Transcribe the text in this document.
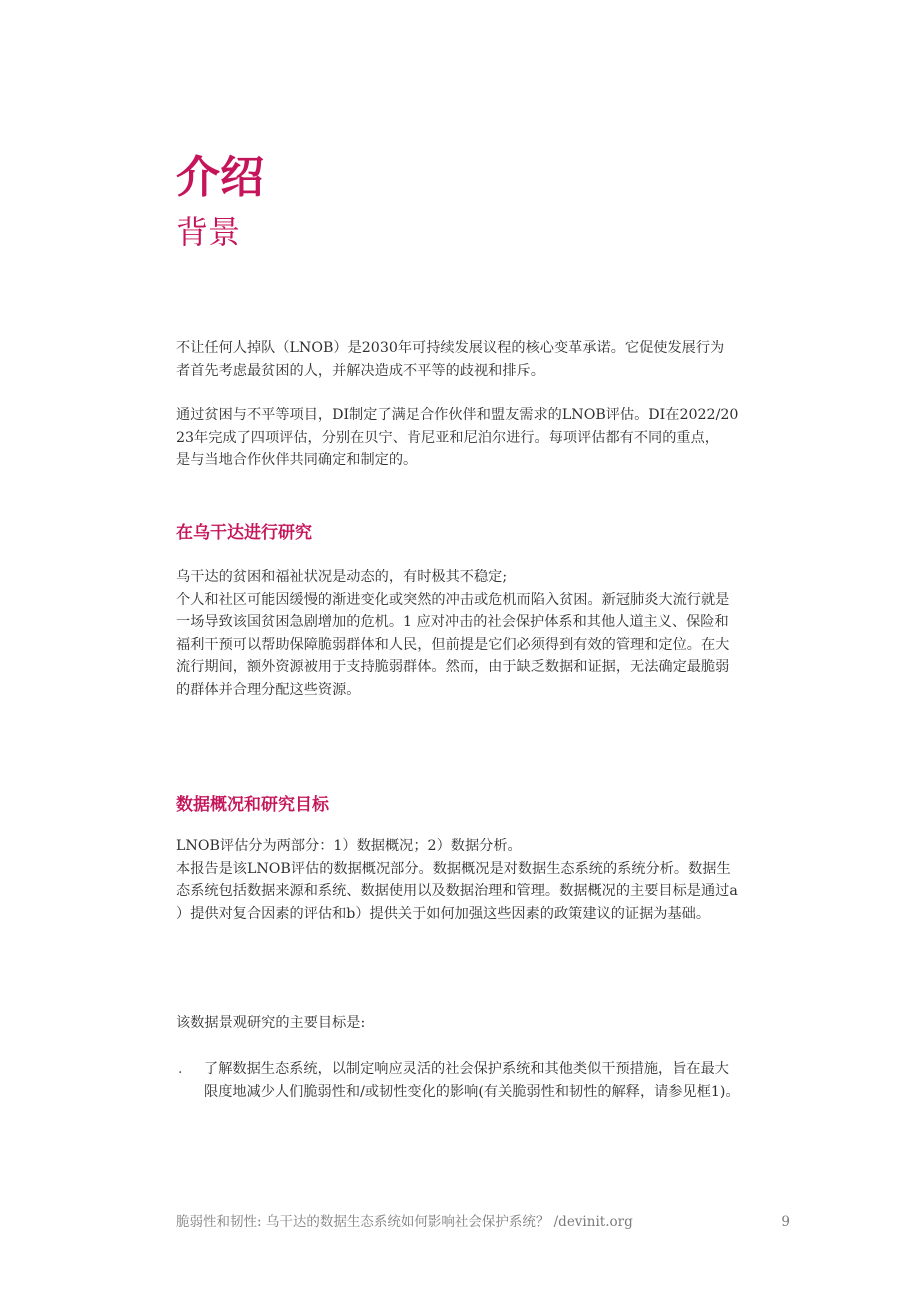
介绍
背景
不让任何人掉队（LNOB）是2030年可持续发展议程的核心变革承诺。它促使发展行为
者首先考虑最贫困的人，并解决造成不平等的歧视和排斥。
通过贫困与不平等项目，DI制定了满足合作伙伴和盟友需求的LNOB评估。DI在2022/20
23年完成了四项评估，分别在贝宁、肯尼亚和尼泊尔进行。每项评估都有不同的重点，
是与当地合作伙伴共同确定和制定的。
在乌干达进行研究
乌干达的贫困和福祉状况是动态的，有时极其不稳定;
个人和社区可能因缓慢的渐进变化或突然的冲击或危机而陷入贫困。新冠肺炎大流行就是
一场导致该国贫困急剧增加的危机。1 应对冲击的社会保护体系和其他人道主义、保险和
福利干预可以帮助保障脆弱群体和人民，但前提是它们必须得到有效的管理和定位。在大
流行期间，额外资源被用于支持脆弱群体。然而，由于缺乏数据和证据，无法确定最脆弱
的群体并合理分配这些资源。
数据概况和研究目标
LNOB评估分为两部分：1）数据概况；2）数据分析。
本报告是该LNOB评估的数据概况部分。数据概况是对数据生态系统的系统分析。数据生
态系统包括数据来源和系统、数据使用以及数据治理和管理。数据概况的主要目标是通过a
）提供对复合因素的评估和b）提供关于如何加强这些因素的政策建议的证据为基础。
该数据景观研究的主要目标是:
· 了解数据生态系统，以制定响应灵活的社会保护系统和其他类似干预措施，旨在最大
限度地减少人们脆弱性和/或韧性变化的影响(有关脆弱性和韧性的解释，请参见框1)。
脆弱性和韧性: 乌干达的数据生态系统如何影响社会保护系统？ /devinit.org	9
